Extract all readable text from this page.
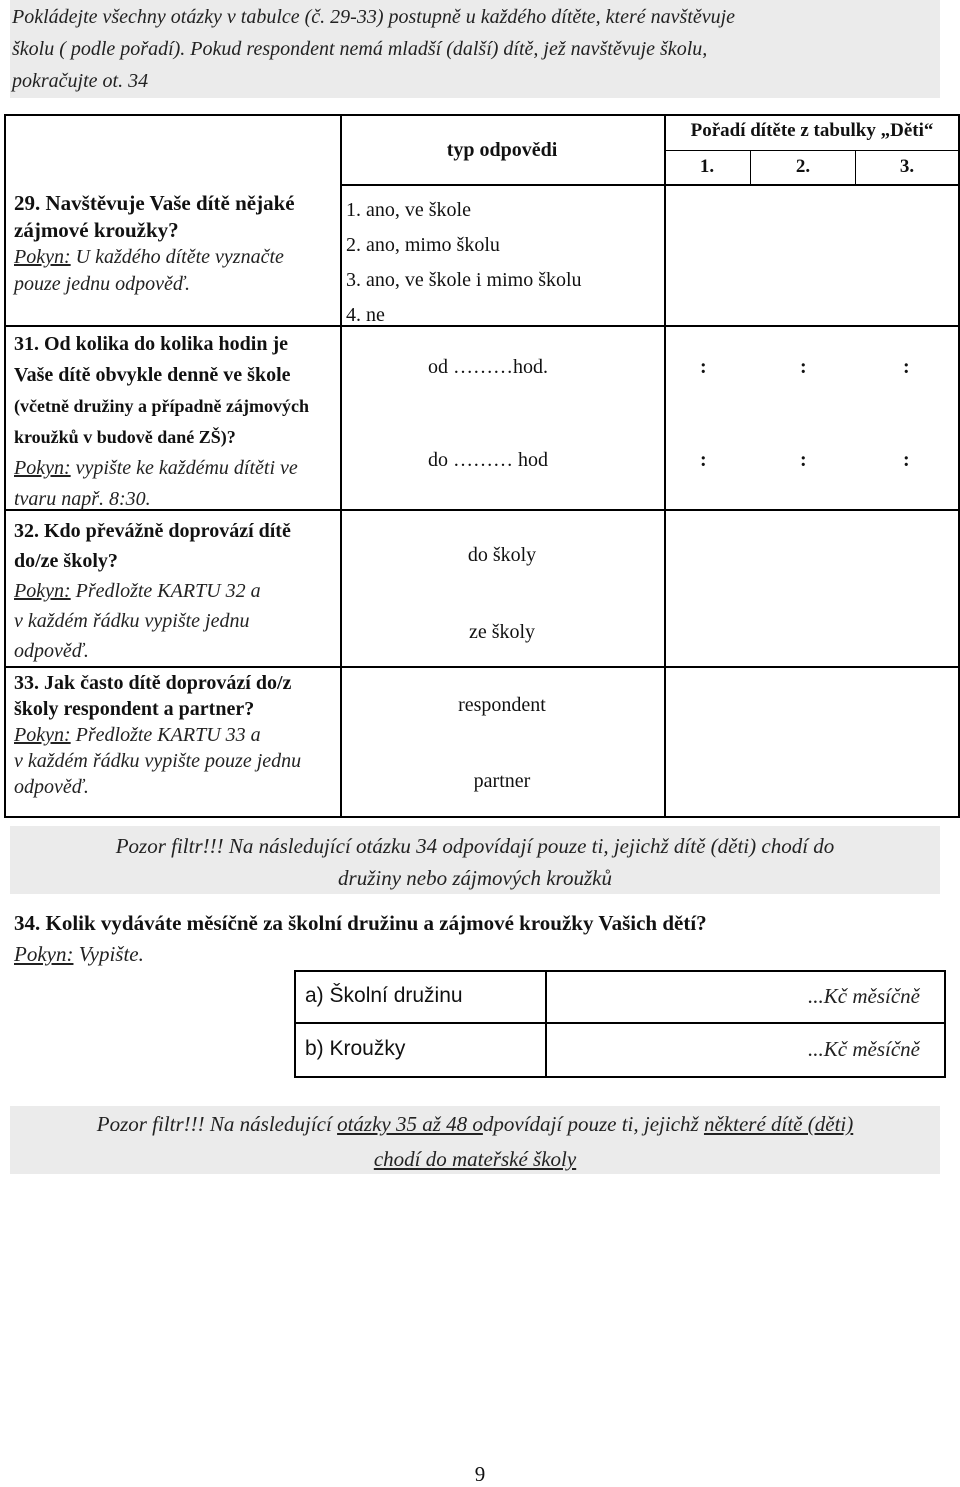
Pokládejte všechny otázky v tabulce (č. 29-33) postupně u každého dítěte, které navštěvuje
školu ( podle pořadí). Pokud respondent nemá mladší (další) dítě, jež navštěvuje školu,
pokračujte ot. 34
typ odpovědi
Pořadí dítěte z tabulky „Děti“
1.	2.	3.
29. Navštěvuje Vaše dítě nějaké
zájmové kroužky?
Pokyn: U každého dítěte vyznačte
pouze jednu odpověď.
1. ano, ve škole
2. ano, mimo školu
3. ano, ve škole i mimo školu
4. ne
31. Od kolika do kolika hodin je
Vaše dítě obvykle denně ve škole
(včetně družiny a případně zájmových
kroužků v budově dané ZŠ)?
Pokyn: vypište ke každému dítěti ve
tvaru např. 8:30.
od ………hod.
do ……… hod
:	:	:
:	:	:
32. Kdo převážně doprovází dítě
do/ze školy?
Pokyn: Předložte KARTU 32 a
v každém řádku vypište jednu
odpověď.
do školy
ze školy
33. Jak často dítě doprovází do/z
školy respondent a partner?
Pokyn: Předložte KARTU 33 a
v každém řádku vypište pouze jednu
odpověď.
respondent
partner
Pozor filtr!!! Na následující otázku 34 odpovídají pouze ti, jejichž dítě (děti) chodí do
družiny nebo zájmových kroužků
34. Kolik vydáváte měsíčně za školní družinu a zájmové kroužky Vašich dětí?
Pokyn: Vypište.
a) Školní družinu	...Kč měsíčně
b) Kroužky	...Kč měsíčně
Pozor filtr!!! Na následující otázky 35 až 48 odpovídají pouze ti, jejichž některé dítě (děti)
chodí do mateřské školy
9
